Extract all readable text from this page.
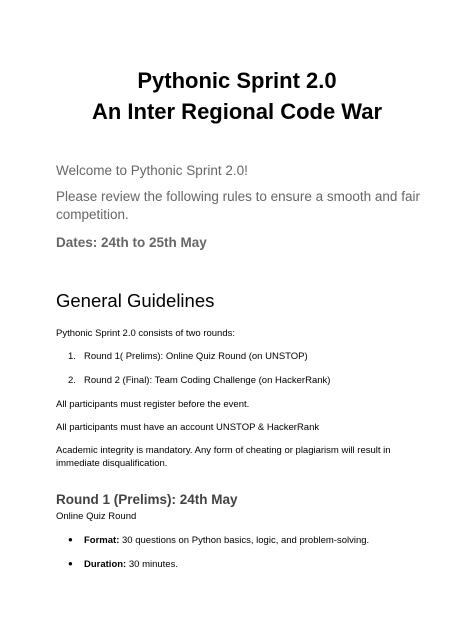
Pythonic Sprint 2.0
An Inter Regional Code War
Welcome to Pythonic Sprint 2.0!
Please review the following rules to ensure a smooth and fair competition.
Dates: 24th to 25th May
General Guidelines
Pythonic Sprint 2.0 consists of two rounds:
1. Round 1( Prelims): Online Quiz Round (on UNSTOP)
2. Round 2 (Final): Team Coding Challenge (on HackerRank)
All participants must register before the event.
All participants must have an account UNSTOP & HackerRank
Academic integrity is mandatory. Any form of cheating or plagiarism will result in immediate disqualification.
Round 1 (Prelims): 24th May
Online Quiz Round
● Format: 30 questions on Python basics, logic, and problem-solving.
● Duration: 30 minutes.
